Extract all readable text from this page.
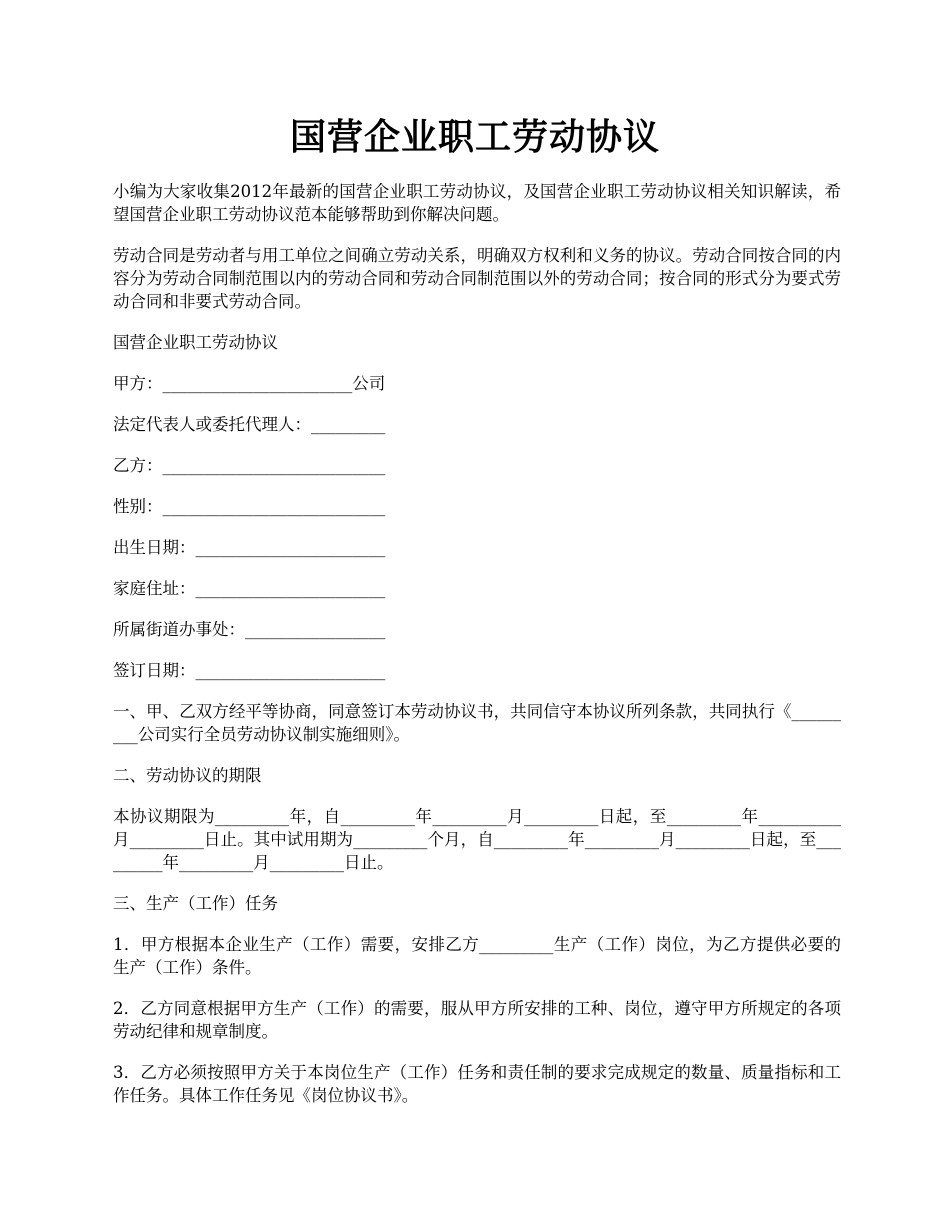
国营企业职工劳动协议

小编为大家收集2012年最新的国营企业职工劳动协议，及国营企业职工劳动协议相关知识解读，希望国营企业职工劳动协议范本能够帮助到你解决问题。

劳动合同是劳动者与用工单位之间确立劳动关系，明确双方权利和义务的协议。劳动合同按合同的内容分为劳动合同制范围以内的劳动合同和劳动合同制范围以外的劳动合同；按合同的形式分为要式劳动合同和非要式劳动合同。

国营企业职工劳动协议

甲方：_______________________公司

法定代表人或委托代理人：_________

乙方：___________________________

性别：___________________________

出生日期：_______________________

家庭住址：_______________________

所属街道办事处：_________________

签订日期：_______________________

一、甲、乙双方经平等协商，同意签订本劳动协议书，共同信守本协议所列条款，共同执行《_________公司实行全员劳动协议制实施细则》。

二、劳动协议的期限

本协议期限为_________年，自_________年_________月_________日起，至_________年__________月_________日止。其中试用期为_________个月，自_________年_________月_________日起，至_________年_________月_________日止。

三、生产（工作）任务

1．甲方根据本企业生产（工作）需要，安排乙方_________生产（工作）岗位，为乙方提供必要的生产（工作）条件。

2．乙方同意根据甲方生产（工作）的需要，服从甲方所安排的工种、岗位，遵守甲方所规定的各项劳动纪律和规章制度。

3．乙方必须按照甲方关于本岗位生产（工作）任务和责任制的要求完成规定的数量、质量指标和工作任务。具体工作任务见《岗位协议书》。
